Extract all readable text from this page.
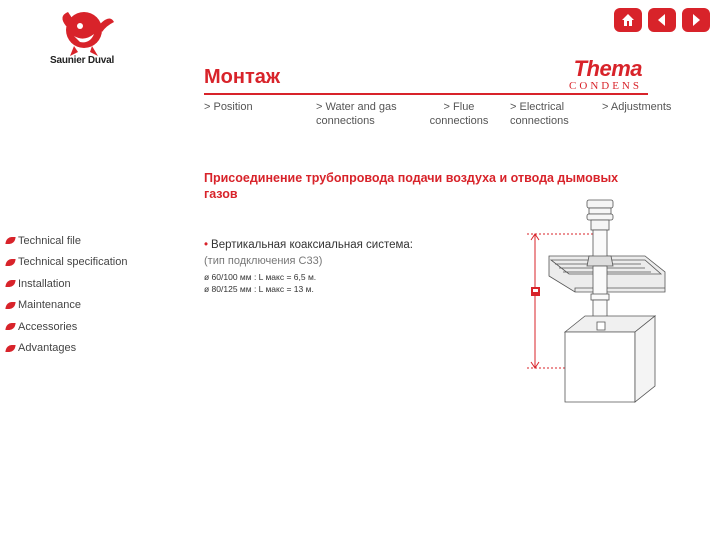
Saunier Duval
Монтаж	Thema
CONDENS
> Position	> Water and gas connections
> Flue connections
> Electrical connections
> Adjustments
Присоединение трубопровода подачи воздуха и отвода дымовых газов
Technical file
Technical specification
Installation
Maintenance
Accessories
Advantages
• Вертикальная коаксиальная система:
(тип подключения C33)
ø 60/100 мм : L макс = 6,5 м.
ø 80/125 мм : L макс = 13 м.
